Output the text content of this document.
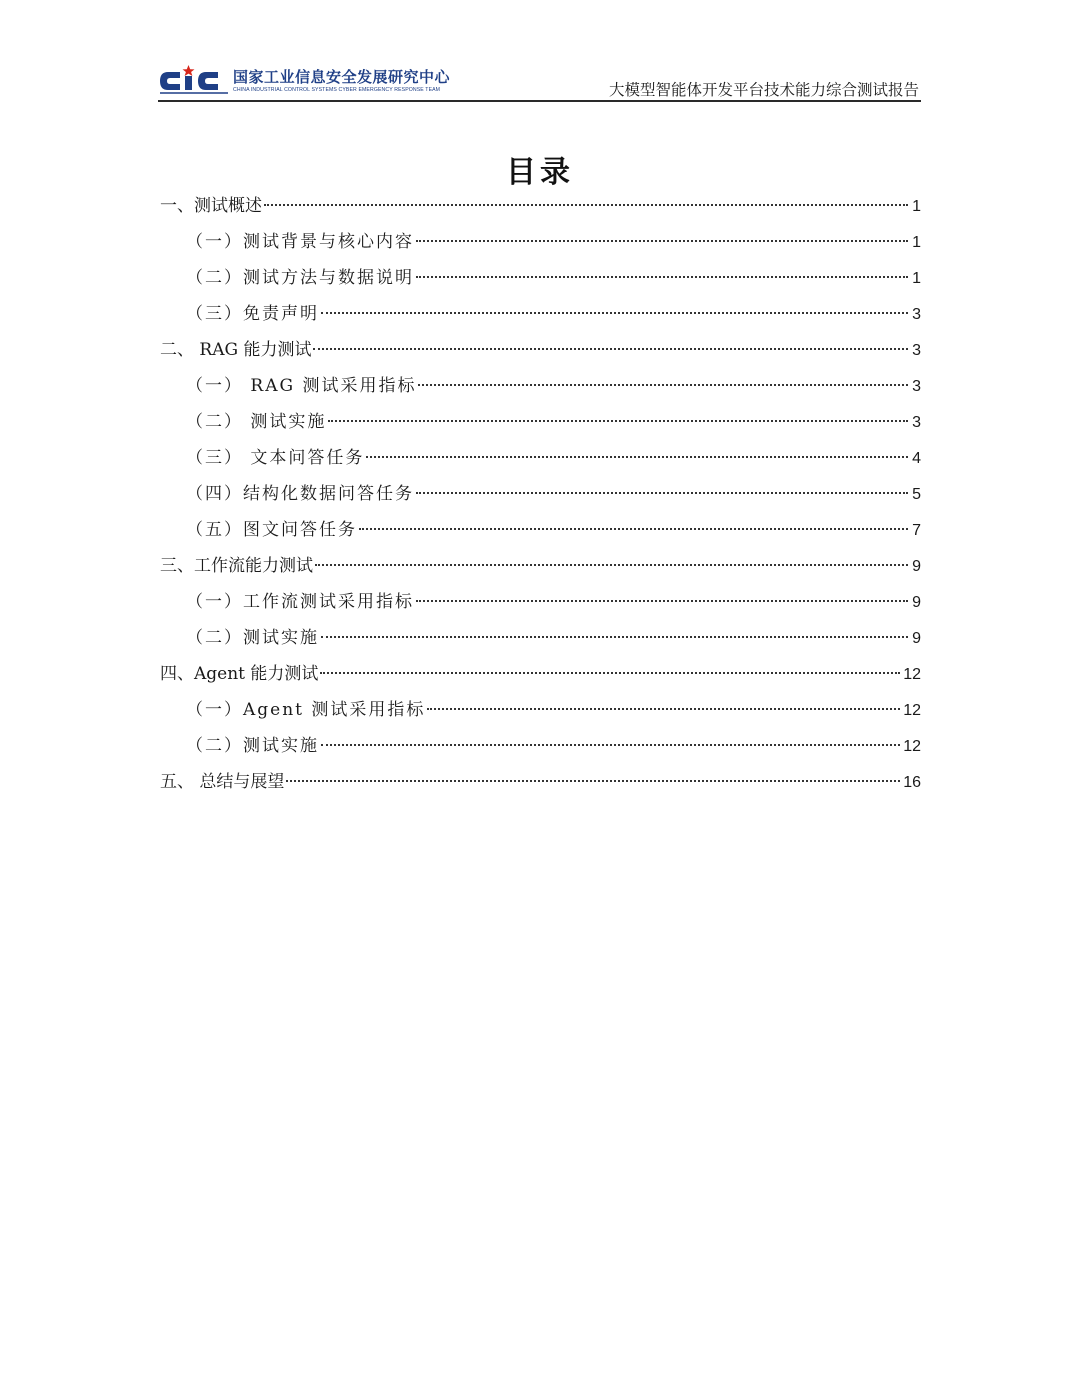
国家工业信息安全发展研究中心
CHINA INDUSTRIAL CONTROL SYSTEMS CYBER EMERGENCY RESPONSE TEAM	大模型智能体开发平台技术能力综合测试报告
目录
一、测试概述	1
（一）测试背景与核心内容	1
（二）测试方法与数据说明	1
（三）免责声明	3
二、 RAG 能力测试	3
（一） RAG 测试采用指标	3
（二） 测试实施	3
（三） 文本问答任务	4
（四）结构化数据问答任务	5
（五）图文问答任务	7
三、工作流能力测试	9
（一）工作流测试采用指标	9
（二）测试实施	9
四、Agent 能力测试	12
（一）Agent 测试采用指标	12
（二）测试实施	12
五、 总结与展望	16
